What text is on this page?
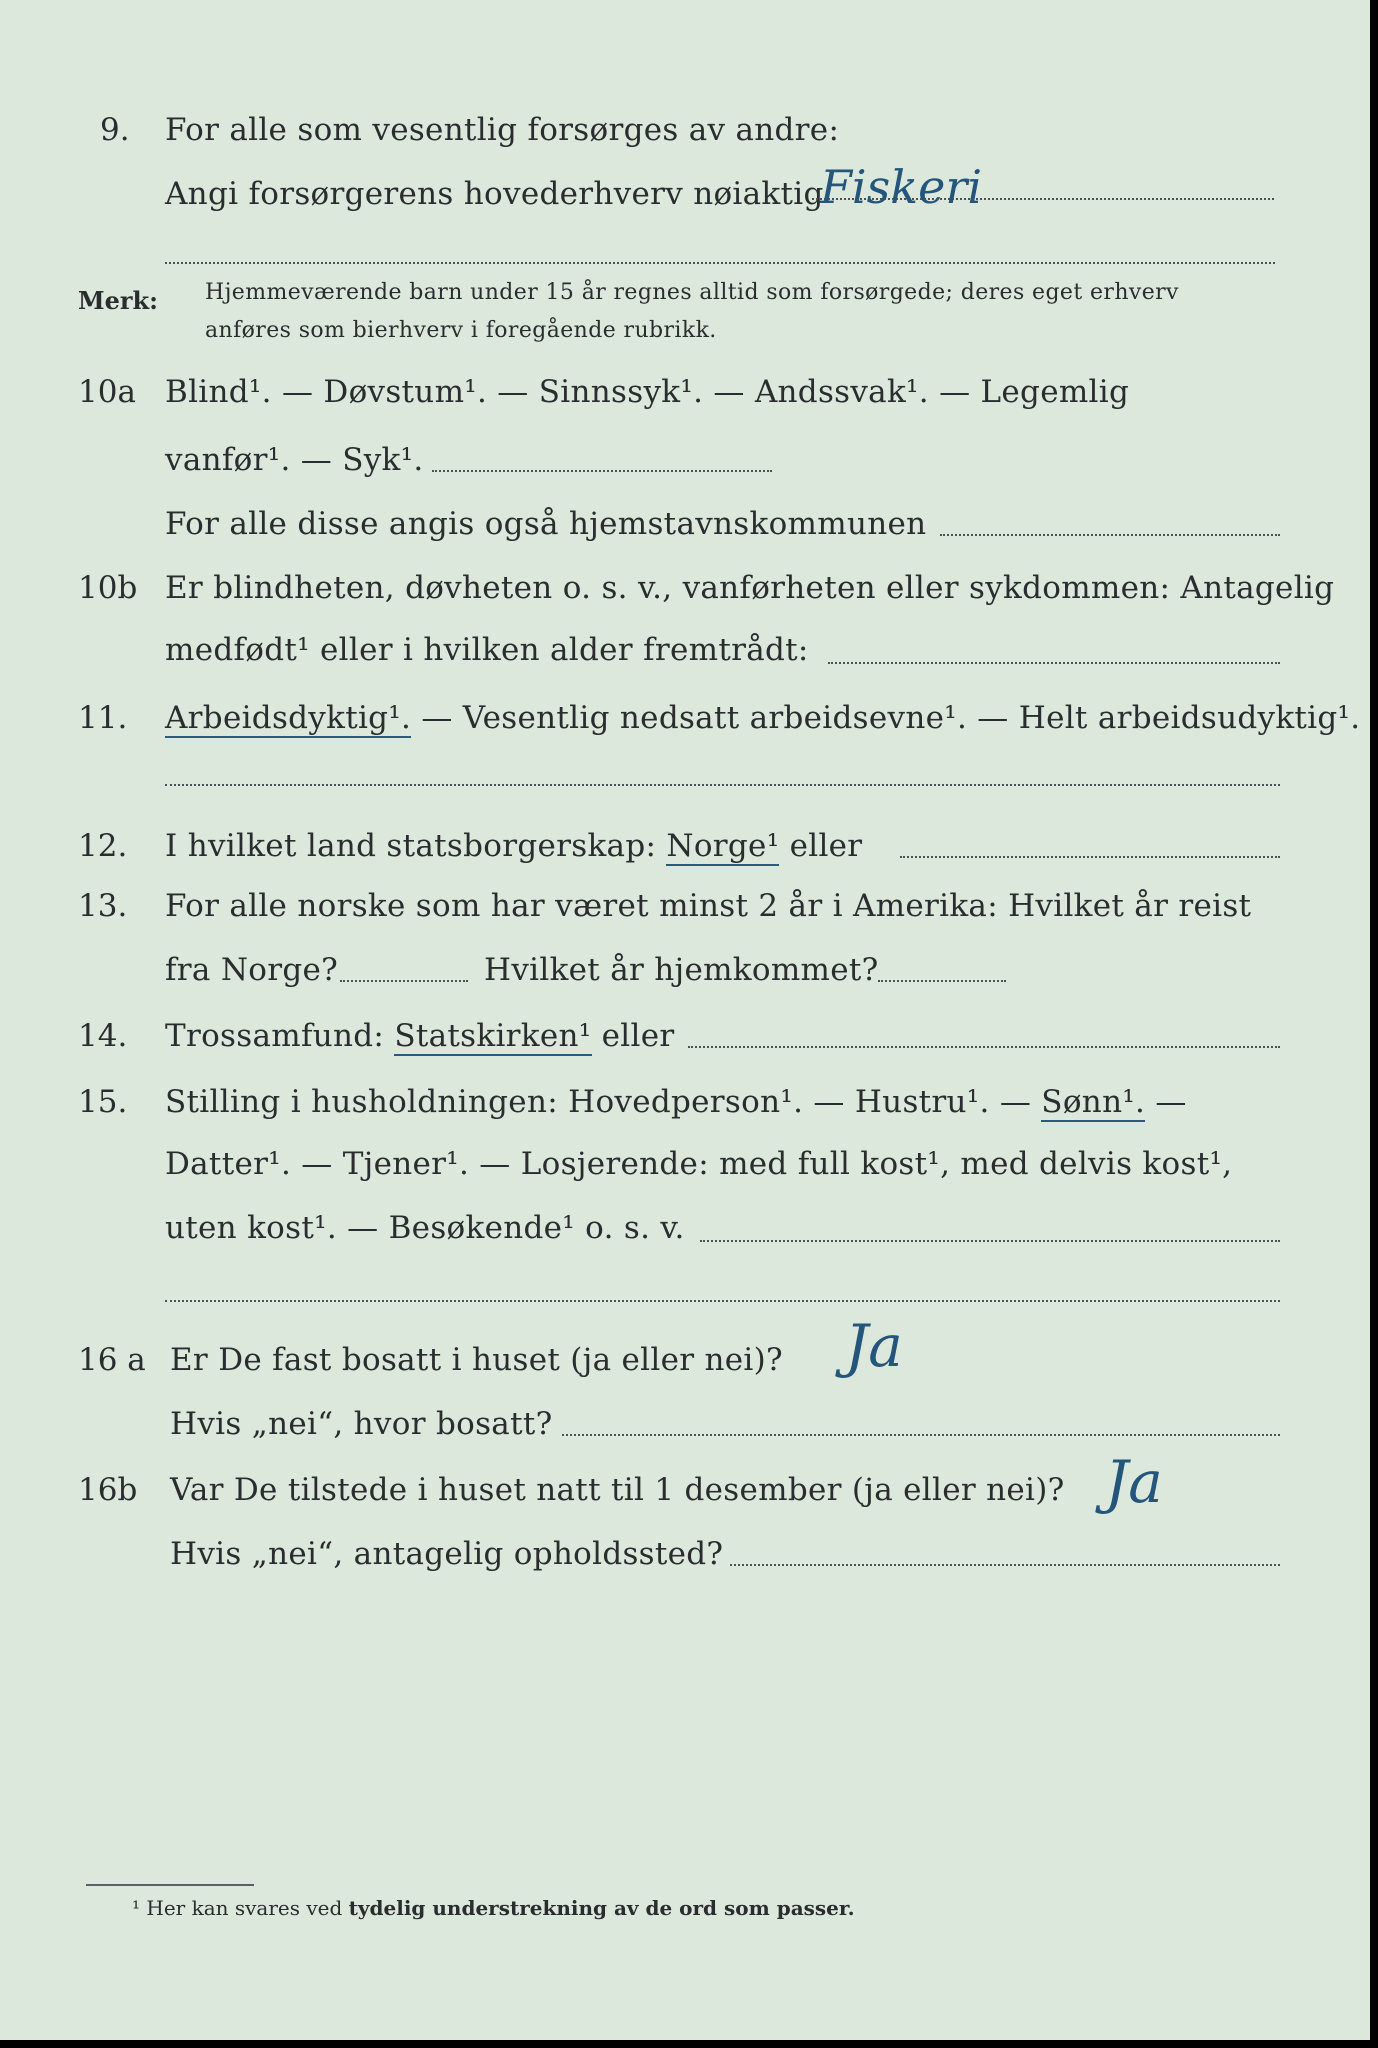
9. For alle som vesentlig forsørges av andre:
Angi forsørgerens hovederhverv nøiaktig
Fiskeri
Merk: Hjemmeværende barn under 15 år regnes alltid som forsørgede; deres eget erhverv
anføres som bierhverv i foregående rubrikk.
10a Blind¹. — Døvstum¹. — Sinnssyk¹. — Andssvak¹. — Legemlig
vanfør¹. — Syk¹.
For alle disse angis også hjemstavnskommunen
10b Er blindheten, døvheten o. s. v., vanførheten eller sykdommen: Antagelig
medfødt¹ eller i hvilken alder fremtrådt:
11. Arbeidsdyktig¹. — Vesentlig nedsatt arbeidsevne¹. — Helt arbeidsudyktig¹.
12. I hvilket land statsborgerskap: Norge¹ eller
13. For alle norske som har været minst 2 år i Amerika: Hvilket år reist
fra Norge?	Hvilket år hjemkommet?
14. Trossamfund: Statskirken¹ eller
15. Stilling i husholdningen: Hovedperson¹. — Hustru¹. — Sønn¹. —
Datter¹. — Tjener¹. — Losjerende: med full kost¹, med delvis kost¹,
uten kost¹. — Besøkende¹ o. s. v.
16 a Er De fast bosatt i huset (ja eller nei)? Ja
Hvis „nei“, hvor bosatt?
16b Var De tilstede i huset natt til 1 desember (ja eller nei)? Ja
Hvis „nei“, antagelig opholdssted?
¹ Her kan svares ved tydelig understrekning av de ord som passer.
